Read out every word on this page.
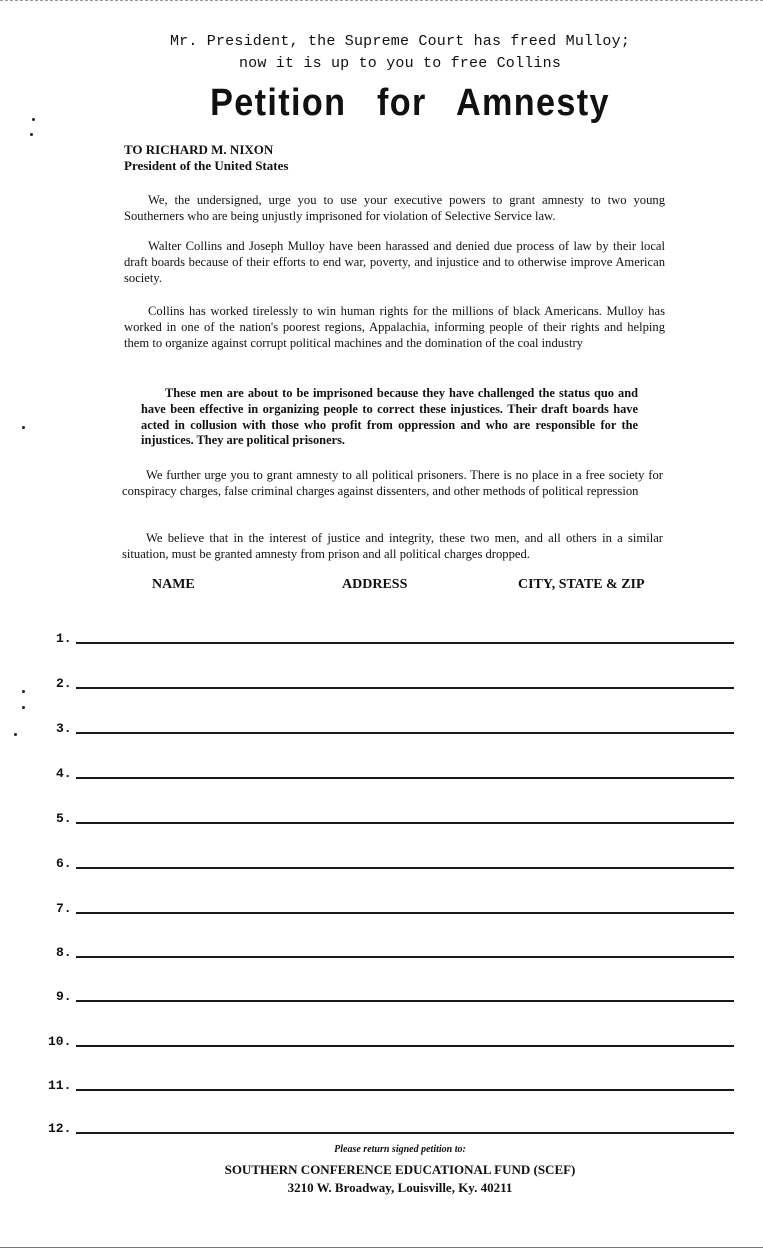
Mr. President, the Supreme Court has freed Mulloy;
now it is up to you to free Collins
Petition for Amnesty
TO RICHARD M. NIXON
President of the United States

We, the undersigned, urge you to use your executive powers to grant amnesty to two young Southerners who are being unjustly imprisoned for violation of Selective Service law.

Walter Collins and Joseph Mulloy have been harassed and denied due process of law by their local draft boards because of their efforts to end war, poverty, and injustice and to otherwise improve American society.

Collins has worked tirelessly to win human rights for the millions of black Americans. Mulloy has worked in one of the nation's poorest regions, Appalachia, informing people of their rights and helping them to organize against corrupt political machines and the domination of the coal industry

These men are about to be imprisoned because they have challenged the status quo and have been effective in organizing people to correct these injustices. Their draft boards have acted in collusion with those who profit from oppression and who are responsible for the injustices. They are political prisoners.

We further urge you to grant amnesty to all political prisoners. There is no place in a free society for conspiracy charges, false criminal charges against dissenters, and other methods of political repression

We believe that in the interest of justice and integrity, these two men, and all others in a similar situation, must be granted amnesty from prison and all political charges dropped.

NAME	ADDRESS	CITY, STATE & ZIP
1.
2.
3.
4.
5.
6.
7.
8.
9.
10.
11.
12.
Please return signed petition to:
SOUTHERN CONFERENCE EDUCATIONAL FUND (SCEF)
3210 W. Broadway, Louisville, Ky. 40211
